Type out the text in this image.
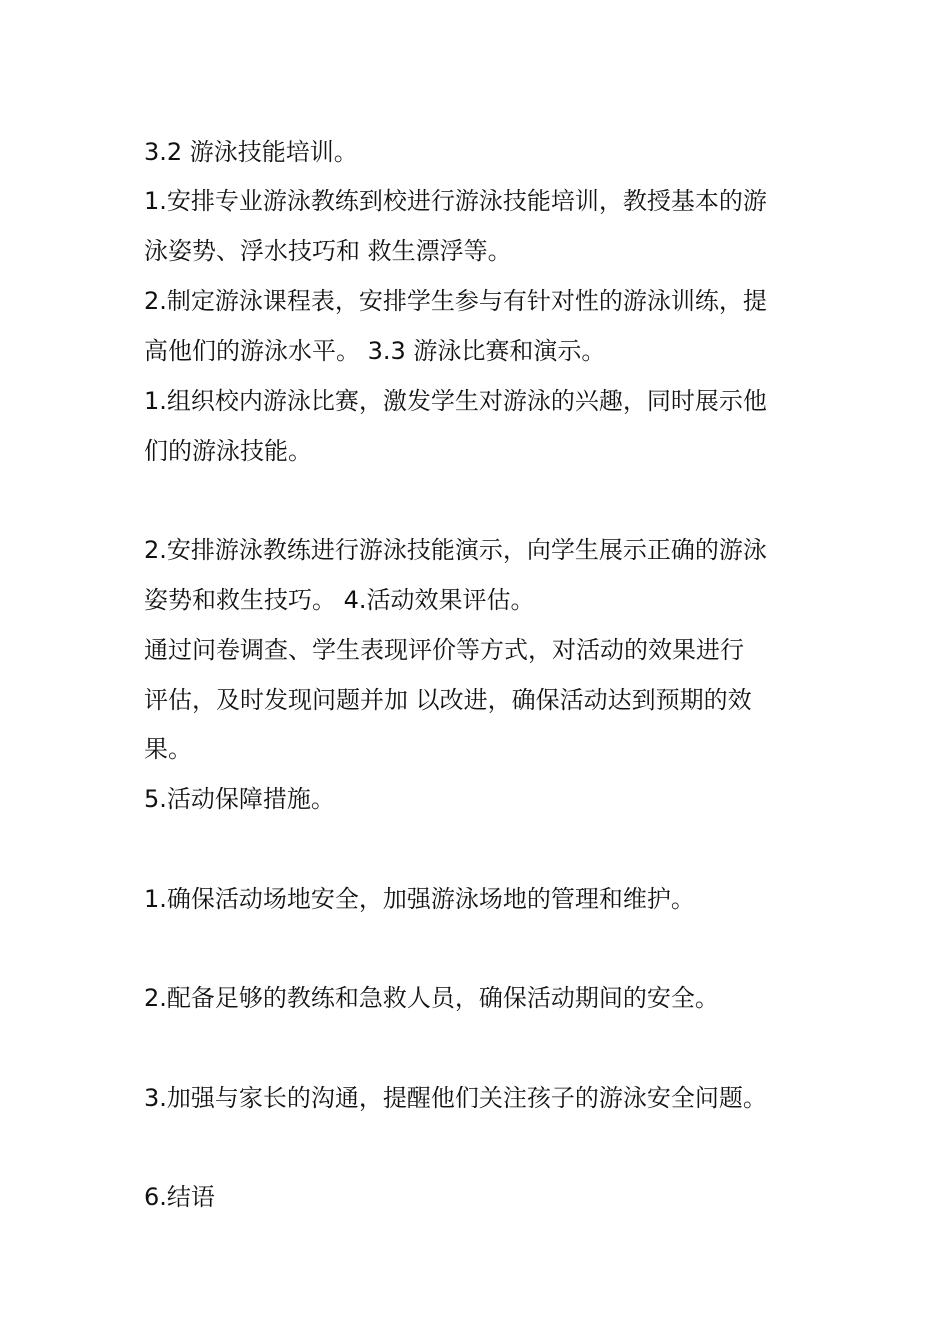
3.2 游泳技能培训。
1.安排专业游泳教练到校进行游泳技能培训，教授基本的游
泳姿势、浮水技巧和 救生漂浮等。
2.制定游泳课程表，安排学生参与有针对性的游泳训练，提
高他们的游泳水平。 3.3 游泳比赛和演示。
1.组织校内游泳比赛，激发学生对游泳的兴趣，同时展示他
们的游泳技能。
2.安排游泳教练进行游泳技能演示，向学生展示正确的游泳
姿势和救生技巧。 4.活动效果评估。
通过问卷调查、学生表现评价等方式，对活动的效果进行
评估，及时发现问题并加 以改进，确保活动达到预期的效
果。
5.活动保障措施。
1.确保活动场地安全，加强游泳场地的管理和维护。
2.配备足够的教练和急救人员，确保活动期间的安全。
3.加强与家长的沟通，提醒他们关注孩子的游泳安全问题。
6.结语
